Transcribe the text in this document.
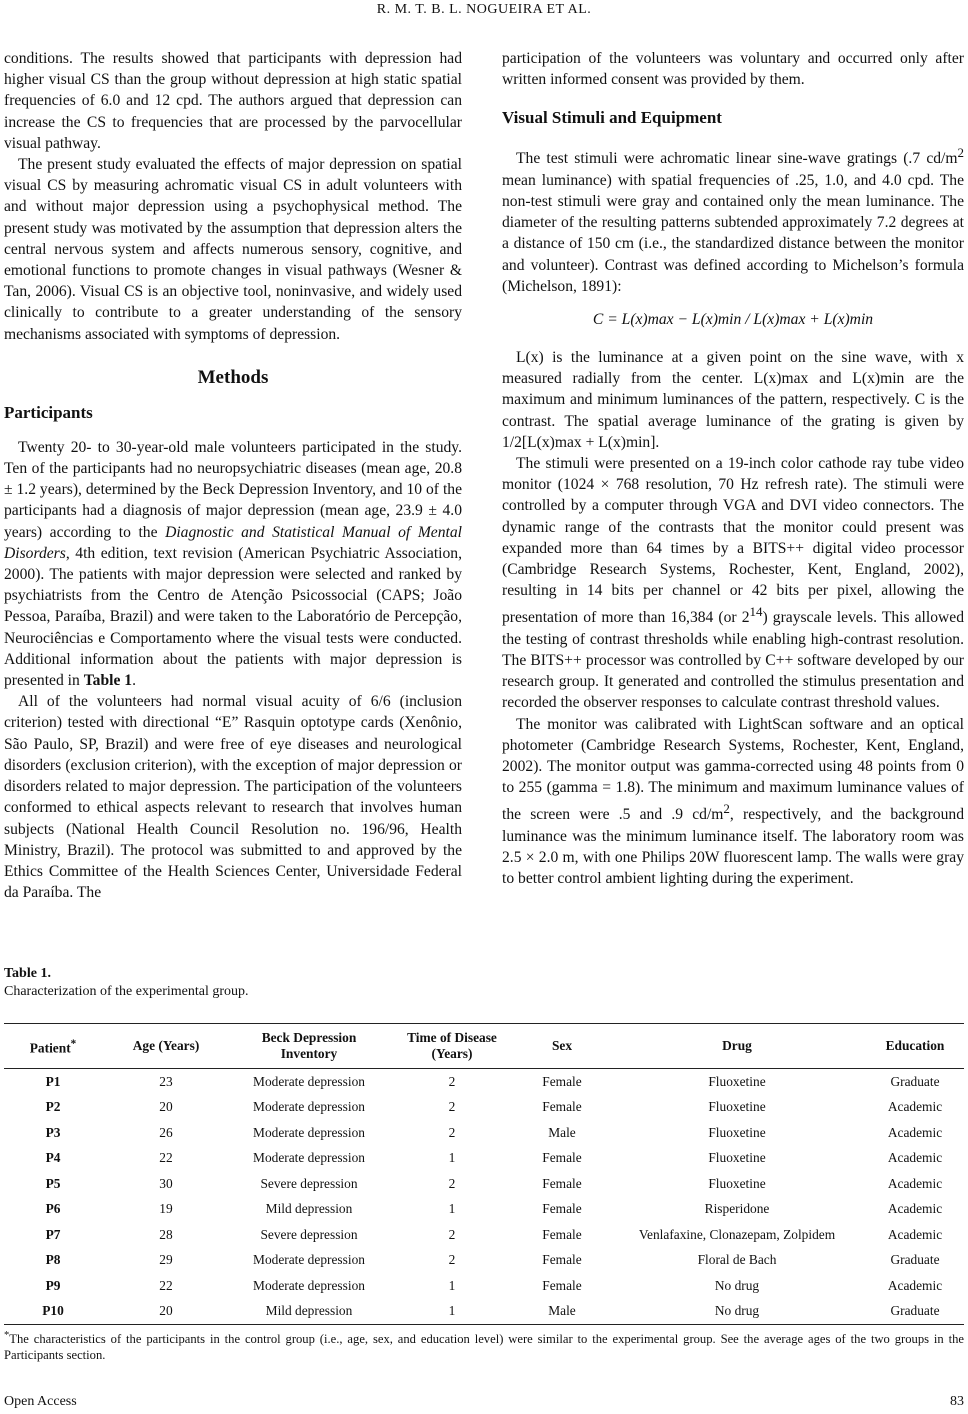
R. M. T. B. L. NOGUEIRA ET AL.

conditions. The results showed that participants with depression had higher visual CS than the group without depression at high static spatial frequencies of 6.0 and 12 cpd. The authors argued that depression can increase the CS to frequencies that are processed by the parvocellular visual pathway.

The present study evaluated the effects of major depression on spatial visual CS by measuring achromatic visual CS in adult volunteers with and without major depression using a psychophysical method. The present study was motivated by the assumption that depression alters the central nervous system and affects numerous sensory, cognitive, and emotional functions to promote changes in visual pathways (Wesner & Tan, 2006). Visual CS is an objective tool, noninvasive, and widely used clinically to contribute to a greater understanding of the sensory mechanisms associated with symptoms of depression.

Methods
Participants

Twenty 20- to 30-year-old male volunteers participated in the study. Ten of the participants had no neuropsychiatric diseases (mean age, 20.8 ± 1.2 years), determined by the Beck Depression Inventory, and 10 of the participants had a diagnosis of major depression (mean age, 23.9 ± 4.0 years) according to the Diagnostic and Statistical Manual of Mental Disorders, 4th edition, text revision (American Psychiatric Association, 2000). The patients with major depression were selected and ranked by psychiatrists from the Centro de Atenção Psicossocial (CAPS; João Pessoa, Paraíba, Brazil) and were taken to the Laboratório de Percepção, Neurociências e Comportamento where the visual tests were conducted. Additional information about the patients with major depression is presented in Table 1.

All of the volunteers had normal visual acuity of 6/6 (inclusion criterion) tested with directional “E” Rasquin optotype cards (Xenônio, São Paulo, SP, Brazil) and were free of eye diseases and neurological disorders (exclusion criterion), with the exception of major depression or disorders related to major depression. The participation of the volunteers conformed to ethical aspects relevant to research that involves human subjects (National Health Council Resolution no. 196/96, Health Ministry, Brazil). The protocol was submitted to and approved by the Ethics Committee of the Health Sciences Center, Universidade Federal da Paraíba. The

participation of the volunteers was voluntary and occurred only after written informed consent was provided by them.

Visual Stimuli and Equipment

The test stimuli were achromatic linear sine-wave gratings (.7 $cd/m^2$ mean luminance) with spatial frequencies of .25, 1.0, and 4.0 cpd. The non-test stimuli were gray and contained only the mean luminance. The diameter of the resulting patterns subtended approximately 7.2 degrees at a distance of 150 cm (i.e., the standardized distance between the monitor and volunteer). Contrast was defined according to Michelson’s formula (Michelson, 1891):

C = L(x)max − L(x)min / L(x)max + L(x)min

L(x) is the luminance at a given point on the sine wave, with x measured radially from the center. L(x)max and L(x)min are the maximum and minimum luminances of the pattern, respectively. C is the contrast. The spatial average luminance of the grating is given by 1/2[L(x)max + L(x)min].

The stimuli were presented on a 19-inch color cathode ray tube video monitor (1024 × 768 resolution, 70 Hz refresh rate). The stimuli were controlled by a computer through VGA and DVI video connectors. The dynamic range of the contrasts that the monitor could present was expanded more than 64 times by a BITS++ digital video processor (Cambridge Research Systems, Rochester, Kent, England, 2002), resulting in 14 bits per channel or 42 bits per pixel, allowing the presentation of more than 16,384 (or $2^{14}$) grayscale levels. This allowed the testing of contrast thresholds while enabling high-contrast resolution. The BITS++ processor was controlled by C++ software developed by our research group. It generated and controlled the stimulus presentation and recorded the observer responses to calculate contrast threshold values.

The monitor was calibrated with LightScan software and an optical photometer (Cambridge Research Systems, Rochester, Kent, England, 2002). The monitor output was gamma-corrected using 48 points from 0 to 255 (gamma = 1.8). The minimum and maximum luminance values of the screen were .5 and .9 $cd/m^2$, respectively, and the background luminance was the minimum luminance itself. The laboratory room was 2.5 × 2.0 m, with one Philips 20W fluorescent lamp. The walls were gray to better control ambient lighting during the experiment.

Table 1.
Characterization of the experimental group.
Patient*	Age (Years)	Beck Depression Inventory	Time of Disease (Years)	Sex	Drug	Education
P1	23	Moderate depression	2	Female	Fluoxetine	Graduate
P2	20	Moderate depression	2	Female	Fluoxetine	Academic
P3	26	Moderate depression	2	Male	Fluoxetine	Academic
P4	22	Moderate depression	1	Female	Fluoxetine	Academic
P5	30	Severe depression	2	Female	Fluoxetine	Academic
P6	19	Mild depression	1	Female	Risperidone	Academic
P7	28	Severe depression	2	Female	Venlafaxine, Clonazepam, Zolpidem	Academic
P8	29	Moderate depression	2	Female	Floral de Bach	Graduate
P9	22	Moderate depression	1	Female	No drug	Academic
P10	20	Mild depression	1	Male	No drug	Graduate
*The characteristics of the participants in the control group (i.e., age, sex, and education level) were similar to the experimental group. See the average ages of the two groups in the Participants section.
Open Access	83
